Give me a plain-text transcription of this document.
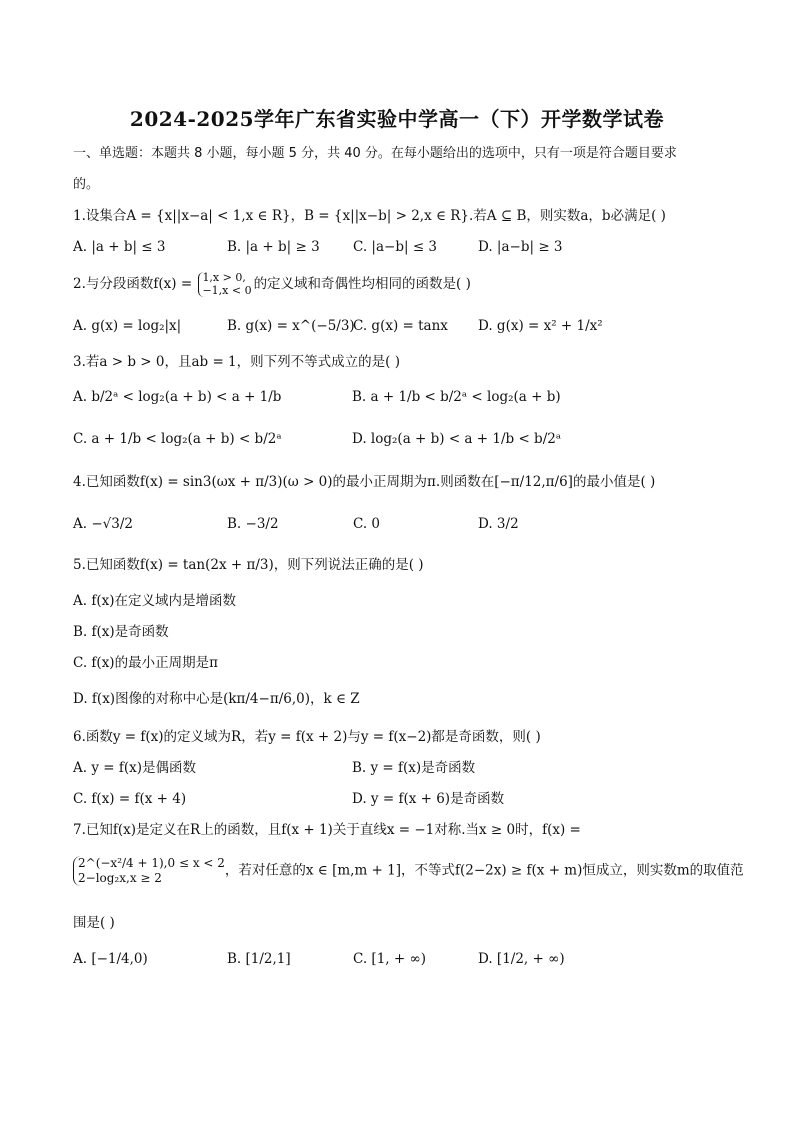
2024-2025学年广东省实验中学高一（下）开学数学试卷
一、单选题：本题共 8 小题，每小题 5 分，共 40 分。在每小题给出的选项中，只有一项是符合题目要求
的。
1.设集合A = {x||x−a| < 1,x ∈ R}，B = {x||x−b| > 2,x ∈ R}.若A ⊆ B，则实数a，b必满足( )
A. |a + b| ≤ 3	B. |a + b| ≥ 3 C. |a−b| ≤ 3	D. |a−b| ≥ 3
2.与分段函数f(x) = 1,x > 0,
−1,x < 0 的定义域和奇偶性均相同的函数是( )
A. g(x) = log₂|x|	B. g(x) = x^(−5/3)
C. g(x) = tanx D. g(x) = x² + 1/x²
3.若a > b > 0，且ab = 1，则下列不等式成立的是( )
A. b/2ᵃ < log₂(a + b) < a + 1/b	B. a + 1/b < b/2ᵃ < log₂(a + b)
C. a + 1/b < log₂(a + b) < b/2ᵃ	D. log₂(a + b) < a + 1/b < b/2ᵃ
4.已知函数f(x) = sin3(ωx + π/3)(ω > 0)的最小正周期为π.则函数在[−π/12,π/6]的最小值是( )
A. −√3/2	B. −3/2	C. 0	D. 3/2
5.已知函数f(x) = tan(2x + π/3)，则下列说法正确的是( )
A. f(x)在定义域内是增函数
B. f(x)是奇函数
C. f(x)的最小正周期是π
D. f(x)图像的对称中心是(kπ/4−π/6,0)，k ∈ Z
6.函数y = f(x)的定义域为R，若y = f(x + 2)与y = f(x−2)都是奇函数，则( )
A. y = f(x)是偶函数	B. y = f(x)是奇函数
C. f(x) = f(x + 4)	D. y = f(x + 6)是奇函数
7.已知f(x)是定义在R上的函数，且f(x + 1)关于直线x = −1对称.当x ≥ 0时，f(x) =
2^(−x²/4 + 1),0 ≤ x < 2
2−log₂x,x ≥ 2	，若对任意的x ∈ [m,m + 1]，不等式f(2−2x) ≥ f(x + m)恒成立，则实数m的取值范
围是( )
A. [−1/4,0)	B. [1/2,1]	C. [1, + ∞)	D. [1/2, + ∞)
